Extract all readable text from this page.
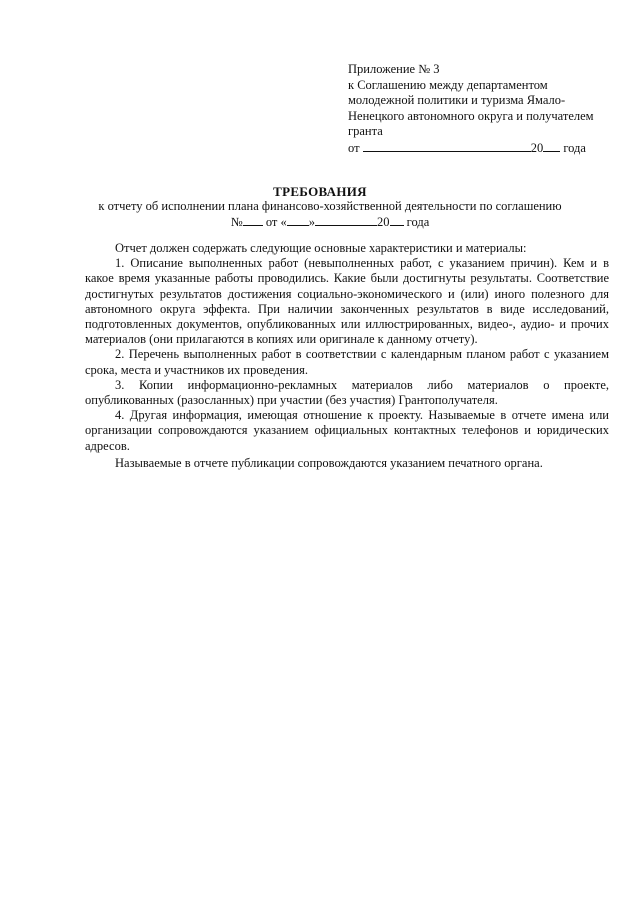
Приложение № 3
к Соглашению между департаментом
молодежной политики и туризма Ямало-
Ненецкого автономного округа и получателем
гранта
от	20 года
ТРЕБОВАНИЯ
к отчету об исполнении плана финансово-хозяйственной деятельности по соглашению
№ от « »	20 года

Отчет должен содержать следующие основные характеристики и материалы:

1. Описание выполненных работ (невыполненных работ, с указанием причин). Кем и в какое время указанные работы проводились. Какие были достигнуты результаты. Соответствие достигнутых результатов достижения социально-экономического и (или) иного полезного для автономного округа эффекта. При наличии законченных результатов в виде исследований, подготовленных документов, опубликованных или иллюстрированных, видео-, аудио- и прочих материалов (они прилагаются в копиях или оригинале к данному отчету).

2. Перечень выполненных работ в соответствии с календарным планом работ с указанием срока, места и участников их проведения.

3. Копии информационно-рекламных материалов либо материалов о проекте, опубликованных (разосланных) при участии (без участия) Грантополучателя.

4. Другая информация, имеющая отношение к проекту. Называемые в отчете имена или организации сопровождаются указанием официальных контактных телефонов и юридических адресов.

Называемые в отчете публикации сопровождаются указанием печатного органа.
